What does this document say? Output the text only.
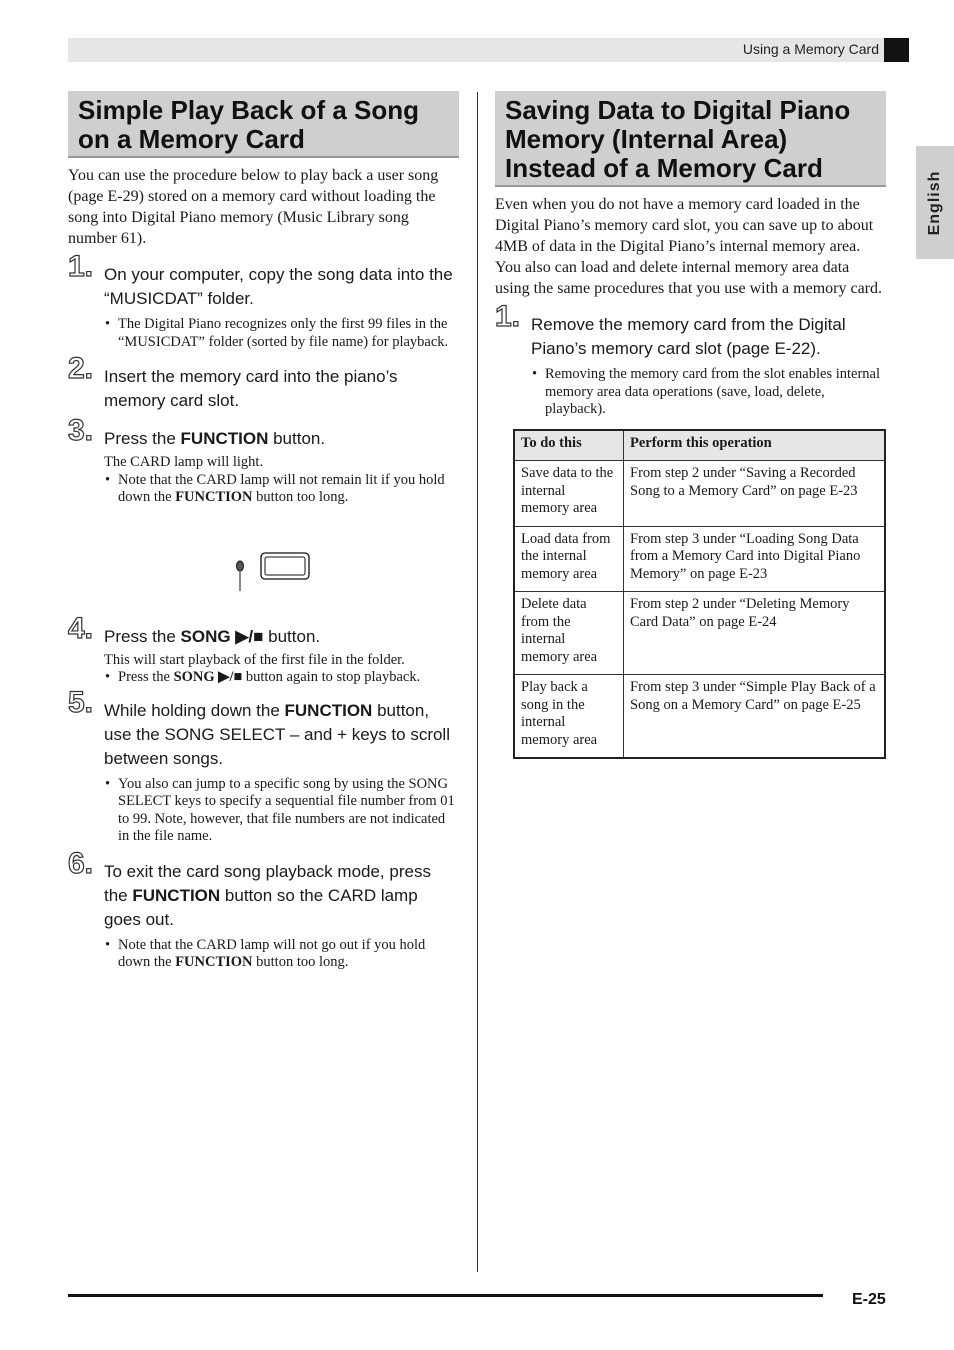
Using a Memory Card
English
Simple Play Back of a Song on a Memory Card

You can use the procedure below to play back a user song (page E-29) stored on a memory card without loading the song into Digital Piano memory (Music Library song number 61).

1. On your computer, copy the song data into the “MUSICDAT” folder.
• The Digital Piano recognizes only the first 99 files in the “MUSICDAT” folder (sorted by file name) for playback.
2. Insert the memory card into the piano’s memory card slot.
3. Press the FUNCTION button.

The CARD lamp will light.

• Note that the CARD lamp will not remain lit if you hold down the FUNCTION button too long.
4. Press the SONG ▶/■ button.

This will start playback of the first file in the folder.

• Press the SONG ▶/■ button again to stop playback.
5. While holding down the FUNCTION button, use the SONG SELECT – and + keys to scroll between songs.
• You also can jump to a specific song by using the SONG SELECT keys to specify a sequential file number from 01 to 99. Note, however, that file numbers are not indicated in the file name.
6. To exit the card song playback mode, press the FUNCTION button so the CARD lamp goes out.
• Note that the CARD lamp will not go out if you hold down the FUNCTION button too long.
Saving Data to Digital Piano Memory (Internal Area) Instead of a Memory Card

Even when you do not have a memory card loaded in the Digital Piano’s memory card slot, you can save up to about 4MB of data in the Digital Piano’s internal memory area. You also can load and delete internal memory area data using the same procedures that you use with a memory card.

1. Remove the memory card from the Digital Piano’s memory card slot (page E-22).
• Removing the memory card from the slot enables internal memory area data operations (save, load, delete, playback).
To do this	Perform this operation
Save data to the internal memory area	From step 2 under “Saving a Recorded Song to a Memory Card” on page E-23
Load data from the internal memory area	From step 3 under “Loading Song Data from a Memory Card into Digital Piano Memory” on page E-23
Delete data from the internal memory area	From step 2 under “Deleting Memory Card Data” on page E-24
Play back a song in the internal memory area	From step 3 under “Simple Play Back of a Song on a Memory Card” on page E-25
E-25
